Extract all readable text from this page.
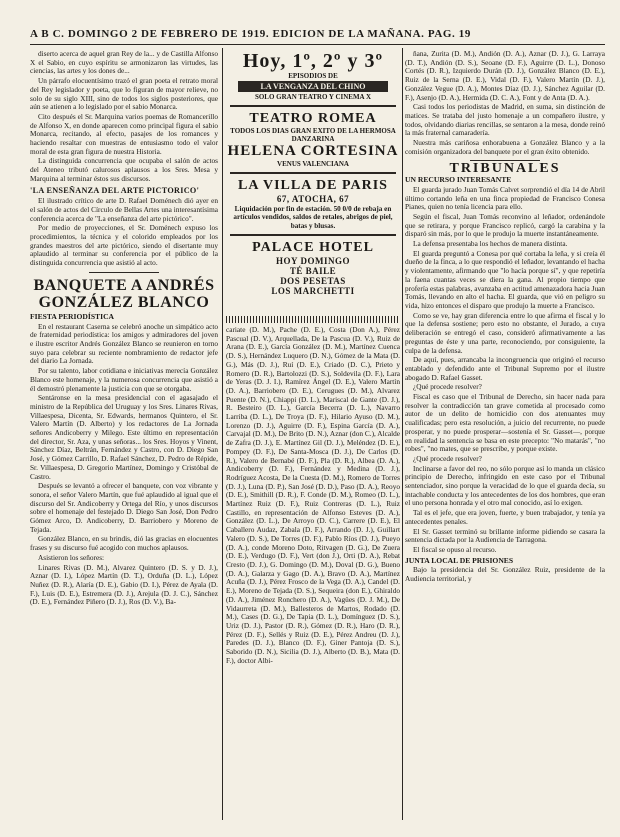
A B C. DOMINGO 2 DE FEBRERO DE 1919. EDICION DE LA MAÑANA. PAG. 19

diserto acerca de aquel gran Rey de la... y de Castilla Alfonso X el Sabio, en cuyo espíritu se armonizaron las virtudes, las ciencias, las artes y los dones de...

Un párrafo elocuentísimo trazó el gran poeta el retrato moral del Rey legislador y poeta, que lo figuran de mayor relieve, no solo de su siglo XIII, sino de todos los siglos posteriores, que aún se atienen a lo legislado por el sabio Monarca.

Cito después el Sr. Marquina varios poemas de Romancerillo de Alfonso X, en donde aparecen como principal figura el sabio Monarca, recitando, al efecto, pasajes de los romances y haciendo resaltar con muestras de entusiasmo todo el valor moral de esta gran figura de nuestra Historia.

La distinguida concurrencia que ocupaba el salón de actos del Ateneo tributó calurosos aplausos a los Sres. Mesa y Marquina al terminar éstos sus discursos.

'LA ENSEÑANZA DEL ARTE PICTORICO'

El ilustrado crítico de arte D. Rafael Doménech dió ayer en el salón de actos del Círculo de Bellas Artes una interesantísima conferencia acerca de "La enseñanza del arte pictórico".

Por medio de proyecciones, el Sr. Doménech expuso los procedimientos, la técnica y el colorido empleados por los grandes maestros del arte pictórico, siendo el disertante muy aplaudido al terminar su conferencia por el público de la distinguida concurrencia que asistió al acto.

BANQUETE A ANDRÉS GONZÁLEZ BLANCO
FIESTA PERIODÍSTICA

En el restaurant Caserna se celebró anoche un simpático acto de fraternidad periodística: los amigos y admiradores del joven e ilustre escritor Andrés González Blanco se reunieron en torno suyo para celebrar su reciente nombramiento de redactor jefe del diario La Jornada.

Por su talento, labor cotidiana e iniciativas merecía González Blanco este homenaje, y la numerosa concurrencia que asistió a él demostró plenamente la justicia con que se otorgaba.

Sentáronse en la mesa presidencial con el agasajado el ministro de la República del Uruguay y los Sres. Linares Rivas, Villaespesa, Dicenta, Sr. Edwards, hermanos Quintero, el Sr. Valero Martín (D. Alberto) y los redactores de La Jornada señores Andicoberry y Milego. Este último en representación del director, Sr. Aza, y unas señoras... los Sres. Hoyos y Vinent, Sánchez Díaz, Beltrán, Fernández y Castro, con D. Diego San José, y Gómez Carrillo, D. Rafael Sánchez, D. Pedro de Répide, Sr. Villaespesa, D. Gregorio Martínez, Domingo y Cristóbal de Castro.

Después se levantó a ofrecer el banquete, con voz vibrante y sonora, el señor Valero Martín, que fué aplaudido al igual que el discurso del Sr. Andicoberry y Ortega del Río, y unos discursos sobre el homenaje del festejado D. Diego San José, Don Pedro Gómez Arco, D. Andicoberry, D. Barriobero y Moreno de Tejada.

González Blanco, en su brindis, dió las gracias en elocuentes frases y su discurso fué acogido con muchos aplausos.

Asistieron los señores:

Linares Rivas (D. M.), Alvarez Quintero (D. S. y D. J.), Aznar (D. I.), López Martín (D. T.), Orduña (D. L.), López Nuñez (D. R.), Alaría (D. E.), Gabio (D. I.), Pérez de Ayala (D. F.), Luis (D. E.), Estremera (D. J.), Arejula (D. J. C.), Sánchez (D. E.), Fernández Piñero (D. J.), Ros (D. V.), Ba-

Hoy, 1º, 2º y 3º
EPISODIOS DE
LA VENGANZA DEL CHINO
SOLO GRAN TEATRO Y CINEMA X
TEATRO ROMEA
TODOS LOS DIAS GRAN EXITO DE LA HERMOSA DANZARINA
HELENA CORTESINA
VENUS VALENCIANA
LA VILLA DE PARIS
67, ATOCHA, 67
Liquidación por fin de estación. 50 0/0 de rebaja en artículos vendidos, saldos de retales, abrigos de piel, batas y blusas.
PALACE HOTEL
HOY DOMINGO
TÉ BAILE
DOS PESETAS
LOS MARCHETTI

cariate (D. M.), Pache (D. E.), Costa (Don A.), Pérez Pascual (D. V.), Arquellada, De la Pascua (D. V.), Ruiz de Arana (D. E.), García González (D. M.), Martínez Cuenca (D. S.), Hernández Luquero (D. N.), Gómez de la Mata (D. G.), Más (D. J.), Ruí (D. E.), Criado (D. C.), Prieto y Romero (D. R.), Bartolozzi (D. S.), Soldevila (D. F.), Lara de Yeras (D. J. I.), Ramírez Ángel (D. E.), Valero Martín (D. A.), Barriobero (D. E.), Cerugues (D. M.), Alvarez Puente (D. N.), Chiappi (D. L.), Mariscal de Gante (D. J.), R. Besteiro (D. L.), García Becerra (D. L.), Navarro Larriba (D. L.), De Troya (D. F.), Hilario Ayuso (D. M.), Lorenzo (D. J.), Aguirre (D. F.), Espina García (D. A.), Carvajal (D. M.), De Brito (D. N.), Aznar (don C.), Alcalde de Zafra (D. J.), E. Martínez Gil (D. J.), Meléndez (D. E.), Pompey (D. F.), De Santa-Mosca (D. J.), De Carlos (D. R.), Valero de Bernabé (D. F.), Pla (D. R.), Albea (D. A.), Andicoberry (D. F.), Fernández y Medina (D. J.), Rodríguez Acosta, De la Cuesta (D. M.), Romero de Torres (D. J.), Luna (D. P.), San José (D. D.), Paso (D. A.), Reoyo (D. E.), Smithill (D. R.), F. Conde (D. M.), Romeo (D. L.), Martínez Ruiz (D. F.), Ruiz Contreras (D. L.), Ruiz Castillo, en representación de Alfonso Esteves (D. A.), González (D. L.), De Arroyo (D. C.), Carrere (D. E.), El Caballero Audaz, Zabala (D. F.), Arrando (D. J.), Guillart Valero (D. S.), De Torres (D. F.), Pablo Ríos (D. J.), Pueyo (D. A.), conde Moreno Doto, Ritvagen (D. G.), De Zuera (D. E.), Verdugo (D. F.), Vert (don J.), Orti (D. A.), Rebat Cresto (D. J.), G. Domingo (D. M.), Doval (D. G.), Bueno (D. A.), Galarza y Gago (D. A.), Bravo (D. A.), Martínez Acuña (D. J.), Pérez Frosco de la Vega (D. A.), Candel (D. E.), Moreno de Tejada (D. S.), Sequeira (don E.), Ghiraldo (D. A.), Jiménez Ronchero (D. A.), Vagües (D. J. M.), De Vidaurreta (D. M.), Ballesteros de Martos, Rodado (D. M.), Cases (D. G.), De Tapia (D. L.), Domínguez (D. S.), Uriz (D. J.), Pastor (D. R.), Gómez (D. R.), Haro (D. R.), Pérez (D. F.), Sellés y Ruiz (D. E.), Pérez Andreu (D. J.), Paredes (D. J.), Blanco (D. F.), Giner Pantoja (D. S.), Saborido (D. N.), Sicilia (D. J.), Alberto (D. B.), Mata (D. F.), doctor Albi-

ñana, Zurita (D. M.), Andión (D. A.), Aznar (D. J.), G. Larraya (D. T.), Andión (D. S.), Seoane (D. F.), Aguirre (D. L.), Donoso Cortés (D. R.), Izquierdo Durán (D. J.), González Blanco (D. E.), Ruiz de la Serna (D. E.), Vidal (D. F.), Valero Martín (D. J.), González Vegue (D. A.), Montes Díaz (D. J.), Sánchez Aguilar (D. F.), Asenjo (D. A.), Hermida (D. C. A.), Font y de Anta (D. A.).

Casi todos los periodistas de Madrid, en suma, sin distinción de matices. Se trataba del justo homenaje a un compañero ilustre, y todos, olvidando diarias rencillas, se sentaron a la mesa, donde reinó la más fraternal camaradería.

Nuestra más cariñosa enhorabuena a González Blanco y a la comisión organizadora del banquete por el gran éxito obtenido.

TRIBUNALES
UN RECURSO INTERESANTE

El guarda jurado Juan Tomás Calvet sorprendió el día 14 de Abril último cortando leña en una finca propiedad de Francisco Conesa Pianes, quien no tenía licencia para ello.

Según el fiscal, Juan Tomás reconvino al leñador, ordenándole que se retirara, y porque Francisco replicó, cargó la carabina y la disparó sin más, por lo que le produjo la muerte instantáneamente.

La defensa presentaba los hechos de manera distinta.

El guarda preguntó a Conesa por qué cortaba la leña, y si creía él dueño de la finca, a lo que respondió el leñador, levantando el hacha y violentamente, afirmando que "lo hacía porque sí", y que repetiría la faena cuantas veces se diera la gana. Al propio tiempo que profería estas palabras, avanzaba en actitud amenazadora hacia Juan Tomás, llevando en alto el hacha. El guarda, que vió en peligro su vida, hizo entonces el disparo que produjo la muerte a Francisco.

Como se ve, hay gran diferencia entre lo que afirma el fiscal y lo que la defensa sostiene; pero esto no obstante, el Jurado, a cuya deliberación se entregó el caso, consideró afirmativamente a las preguntas de éste y una parte, reconociendo, por consiguiente, la culpa de la defensa.

De aquí, pues, arrancaba la incongruencia que originó el recurso entablado y defendido ante el Tribunal Supremo por el ilustre abogado D. Rafael Gasset.

¿Qué procede resolver?

Fiscal es caso que el Tribunal de Derecho, sin hacer nada para resolver la contradicción tan grave cometida al procesado como autor de un delito de homicidio con dos atenuantes muy cualificadas; pero esta resolución, a juicio del recurrente, no puede prosperar, y no puede prosperar—sostenía el Sr. Gasset—, porque en realidad la sentencia se basa en este precepto: "No matarás", "no robes", "no mates, que se prescribe, y porque existe.

¿Qué procede resolver?

Inclinarse a favor del reo, no sólo porque así lo manda un clásico principio de Derecho, infringido en este caso por el Tribunal sentenciador, sino porque la veracidad de lo que el guarda decía, su intachable conducta y los antecedentes de los dos hombres, que eran el uno persona honrada y el otro mal conocido, así lo exigen.

Tal es el jefe, que era joven, fuerte, y buen trabajador, y tenía ya antecedentes penales.

El Sr. Gasset terminó su brillante informe pidiendo se casara la sentencia dictada por la Audiencia de Tarragona.

El fiscal se opuso al recurso.

JUNTA LOCAL DE PRISIONES

Bajo la presidencia del Sr. González Ruiz, presidente de la Audiencia territorial, y
